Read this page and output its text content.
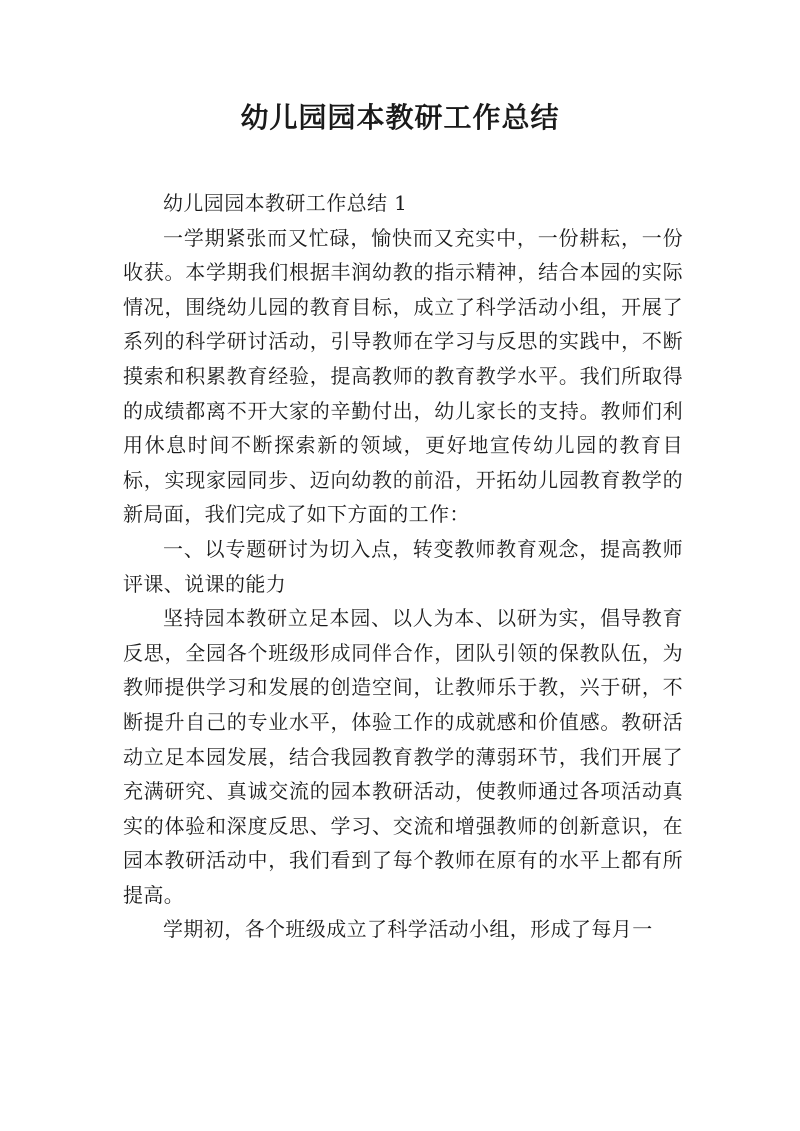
幼儿园园本教研工作总结

幼儿园园本教研工作总结 1

一学期紧张而又忙碌，愉快而又充实中，一份耕耘，一份收获。本学期我们根据丰润幼教的指示精神，结合本园的实际情况，围绕幼儿园的教育目标，成立了科学活动小组，开展了系列的科学研讨活动，引导教师在学习与反思的实践中，不断摸索和积累教育经验，提高教师的教育教学水平。我们所取得的成绩都离不开大家的辛勤付出，幼儿家长的支持。教师们利用休息时间不断探索新的领域，更好地宣传幼儿园的教育目标，实现家园同步、迈向幼教的前沿，开拓幼儿园教育教学的新局面，我们完成了如下方面的工作：

一、以专题研讨为切入点，转变教师教育观念，提高教师评课、说课的能力

坚持园本教研立足本园、以人为本、以研为实，倡导教育反思，全园各个班级形成同伴合作，团队引领的保教队伍，为教师提供学习和发展的创造空间，让教师乐于教，兴于研，不断提升自己的专业水平，体验工作的成就感和价值感。教研活动立足本园发展，结合我园教育教学的薄弱环节，我们开展了充满研究、真诚交流的园本教研活动，使教师通过各项活动真实的体验和深度反思、学习、交流和增强教师的创新意识，在园本教研活动中，我们看到了每个教师在原有的水平上都有所提高。

学期初，各个班级成立了科学活动小组，形成了每月一
